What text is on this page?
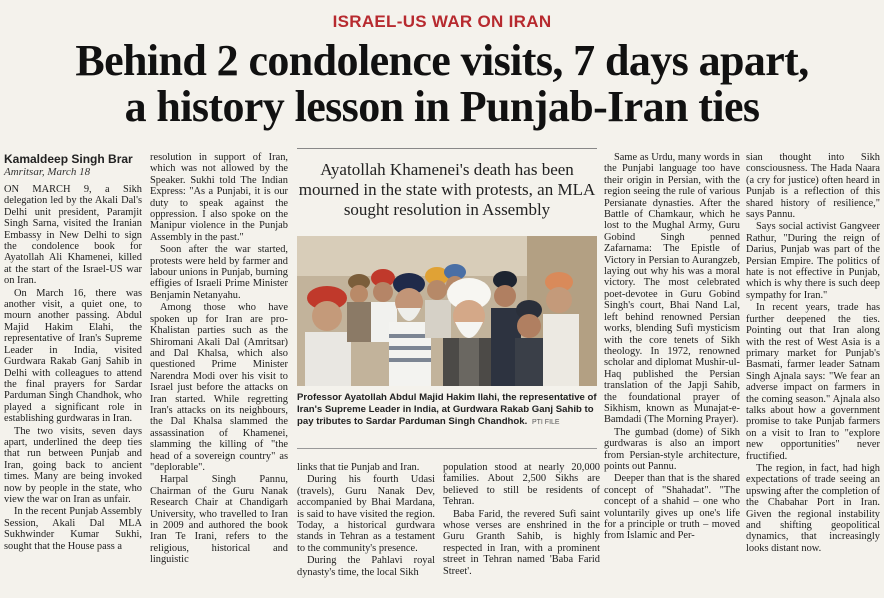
ISRAEL-US WAR ON IRAN
Behind 2 condolence visits, 7 days apart,
a history lesson in Punjab-Iran ties
Kamaldeep Singh Brar
Amritsar, March 18

ON MARCH 9, a Sikh delegation led by the Akali Dal's Delhi unit president, Paramjit Singh Sarna, visited the Iranian Embassy in New Delhi to sign the condolence book for Ayatollah Ali Khamenei, killed at the start of the Israel-US war on Iran.

On March 16, there was another visit, a quiet one, to mourn another passing. Abdul Majid Hakim Elahi, the representative of Iran's Supreme Leader in India, visited Gurdwara Rakab Ganj Sahib in Delhi with colleagues to attend the final prayers for Sardar Parduman Singh Chandhok, who played a significant role in establishing gurdwaras in Iran.

The two visits, seven days apart, underlined the deep ties that run between Punjab and Iran, going back to ancient times. Many are being invoked now by people in the state, who view the war on Iran as unfair.

In the recent Punjab Assembly Session, Akali Dal MLA Sukhwinder Kumar Sukhi, sought that the House pass a

resolution in support of Iran, which was not allowed by the Speaker. Sukhi told The Indian Express: "As a Punjabi, it is our duty to speak against the oppression. I also spoke on the Manipur violence in the Punjab Assembly in the past."

Soon after the war started, protests were held by farmer and labour unions in Punjab, burning effigies of Israeli Prime Minister Benjamin Netanyahu.

Among those who have spoken up for Iran are pro-Khalistan parties such as the Shiromani Akali Dal (Amritsar) and Dal Khalsa, which also questioned Prime Minister Narendra Modi over his visit to Israel just before the attacks on Iran started. While regretting Iran's attacks on its neighbours, the Dal Khalsa slammed the assassination of Khamenei, slamming the killing of "the head of a sovereign country" as "deplorable".

Harpal Singh Pannu, Chairman of the Guru Nanak Research Chair at Chandigarh University, who travelled to Iran in 2009 and authored the book Iran Te Irani, refers to the religious, historical and linguistic

Ayatollah Khamenei's death has been mourned in the state with protests, an MLA sought resolution in Assembly
Professor Ayatollah Abdul Majid Hakim Ilahi, the representative of Iran's Supreme Leader in India, at Gurdwara Rakab Ganj Sahib to pay tributes to Sardar Parduman Singh Chandhok. PTI FILE

links that tie Punjab and Iran.

During his fourth Udasi (travels), Guru Nanak Dev, accompanied by Bhai Mardana, is said to have visited the region. Today, a historical gurdwara stands in Tehran as a testament to the community's presence.

During the Pahlavi royal dynasty's time, the local Sikh

population stood at nearly 20,000 families. About 2,500 Sikhs are believed to still be residents of Tehran.

Baba Farid, the revered Sufi saint whose verses are enshrined in the Guru Granth Sahib, is highly respected in Iran, with a prominent street in Tehran named 'Baba Farid Street'.

Same as Urdu, many words in the Punjabi language too have their origin in Persian, with the region seeing the rule of various Persianate dynasties. After the Battle of Chamkaur, which he lost to the Mughal Army, Guru Gobind Singh penned Zafarnama: The Epistle of Victory in Persian to Aurangzeb, laying out why his was a moral victory. The most celebrated poet-devotee in Guru Gobind Singh's court, Bhai Nand Lal, left behind renowned Persian works, blending Sufi mysticism with the core tenets of Sikh theology. In 1972, renowned scholar and diplomat Mushir-ul-Haq published the Persian translation of the Japji Sahib, the foundational prayer of Sikhism, known as Munajat-e-Bamdadi (The Morning Prayer).

The gumbad (dome) of Sikh gurdwaras is also an import from Persian-style architecture, points out Pannu.

Deeper than that is the shared concept of "Shahadat". "The concept of a shahid – one who voluntarily gives up one's life for a principle or truth – moved from Islamic and Per-

sian thought into Sikh consciousness. The Hadа Naara (a cry for justice) often heard in Punjab is a reflection of this shared history of resilience," says Pannu.

Says social activist Gangveer Rathur, "During the reign of Darius, Punjab was part of the Persian Empire. The politics of hate is not effective in Punjab, which is why there is such deep sympathy for Iran."

In recent years, trade has further deepened the ties. Pointing out that Iran along with the rest of West Asia is a primary market for Punjab's Basmati, farmer leader Satnam Singh Ajnala says: "We fear an adverse impact on farmers in the coming season." Ajnala also talks about how a government promise to take Punjab farmers on a visit to Iran to "explore new opportunities" never fructified.

The region, in fact, had high expectations of trade seeing an upswing after the completion of the Chabahar Port in Iran. Given the regional instability and shifting geopolitical dynamics, that increasingly looks distant now.
